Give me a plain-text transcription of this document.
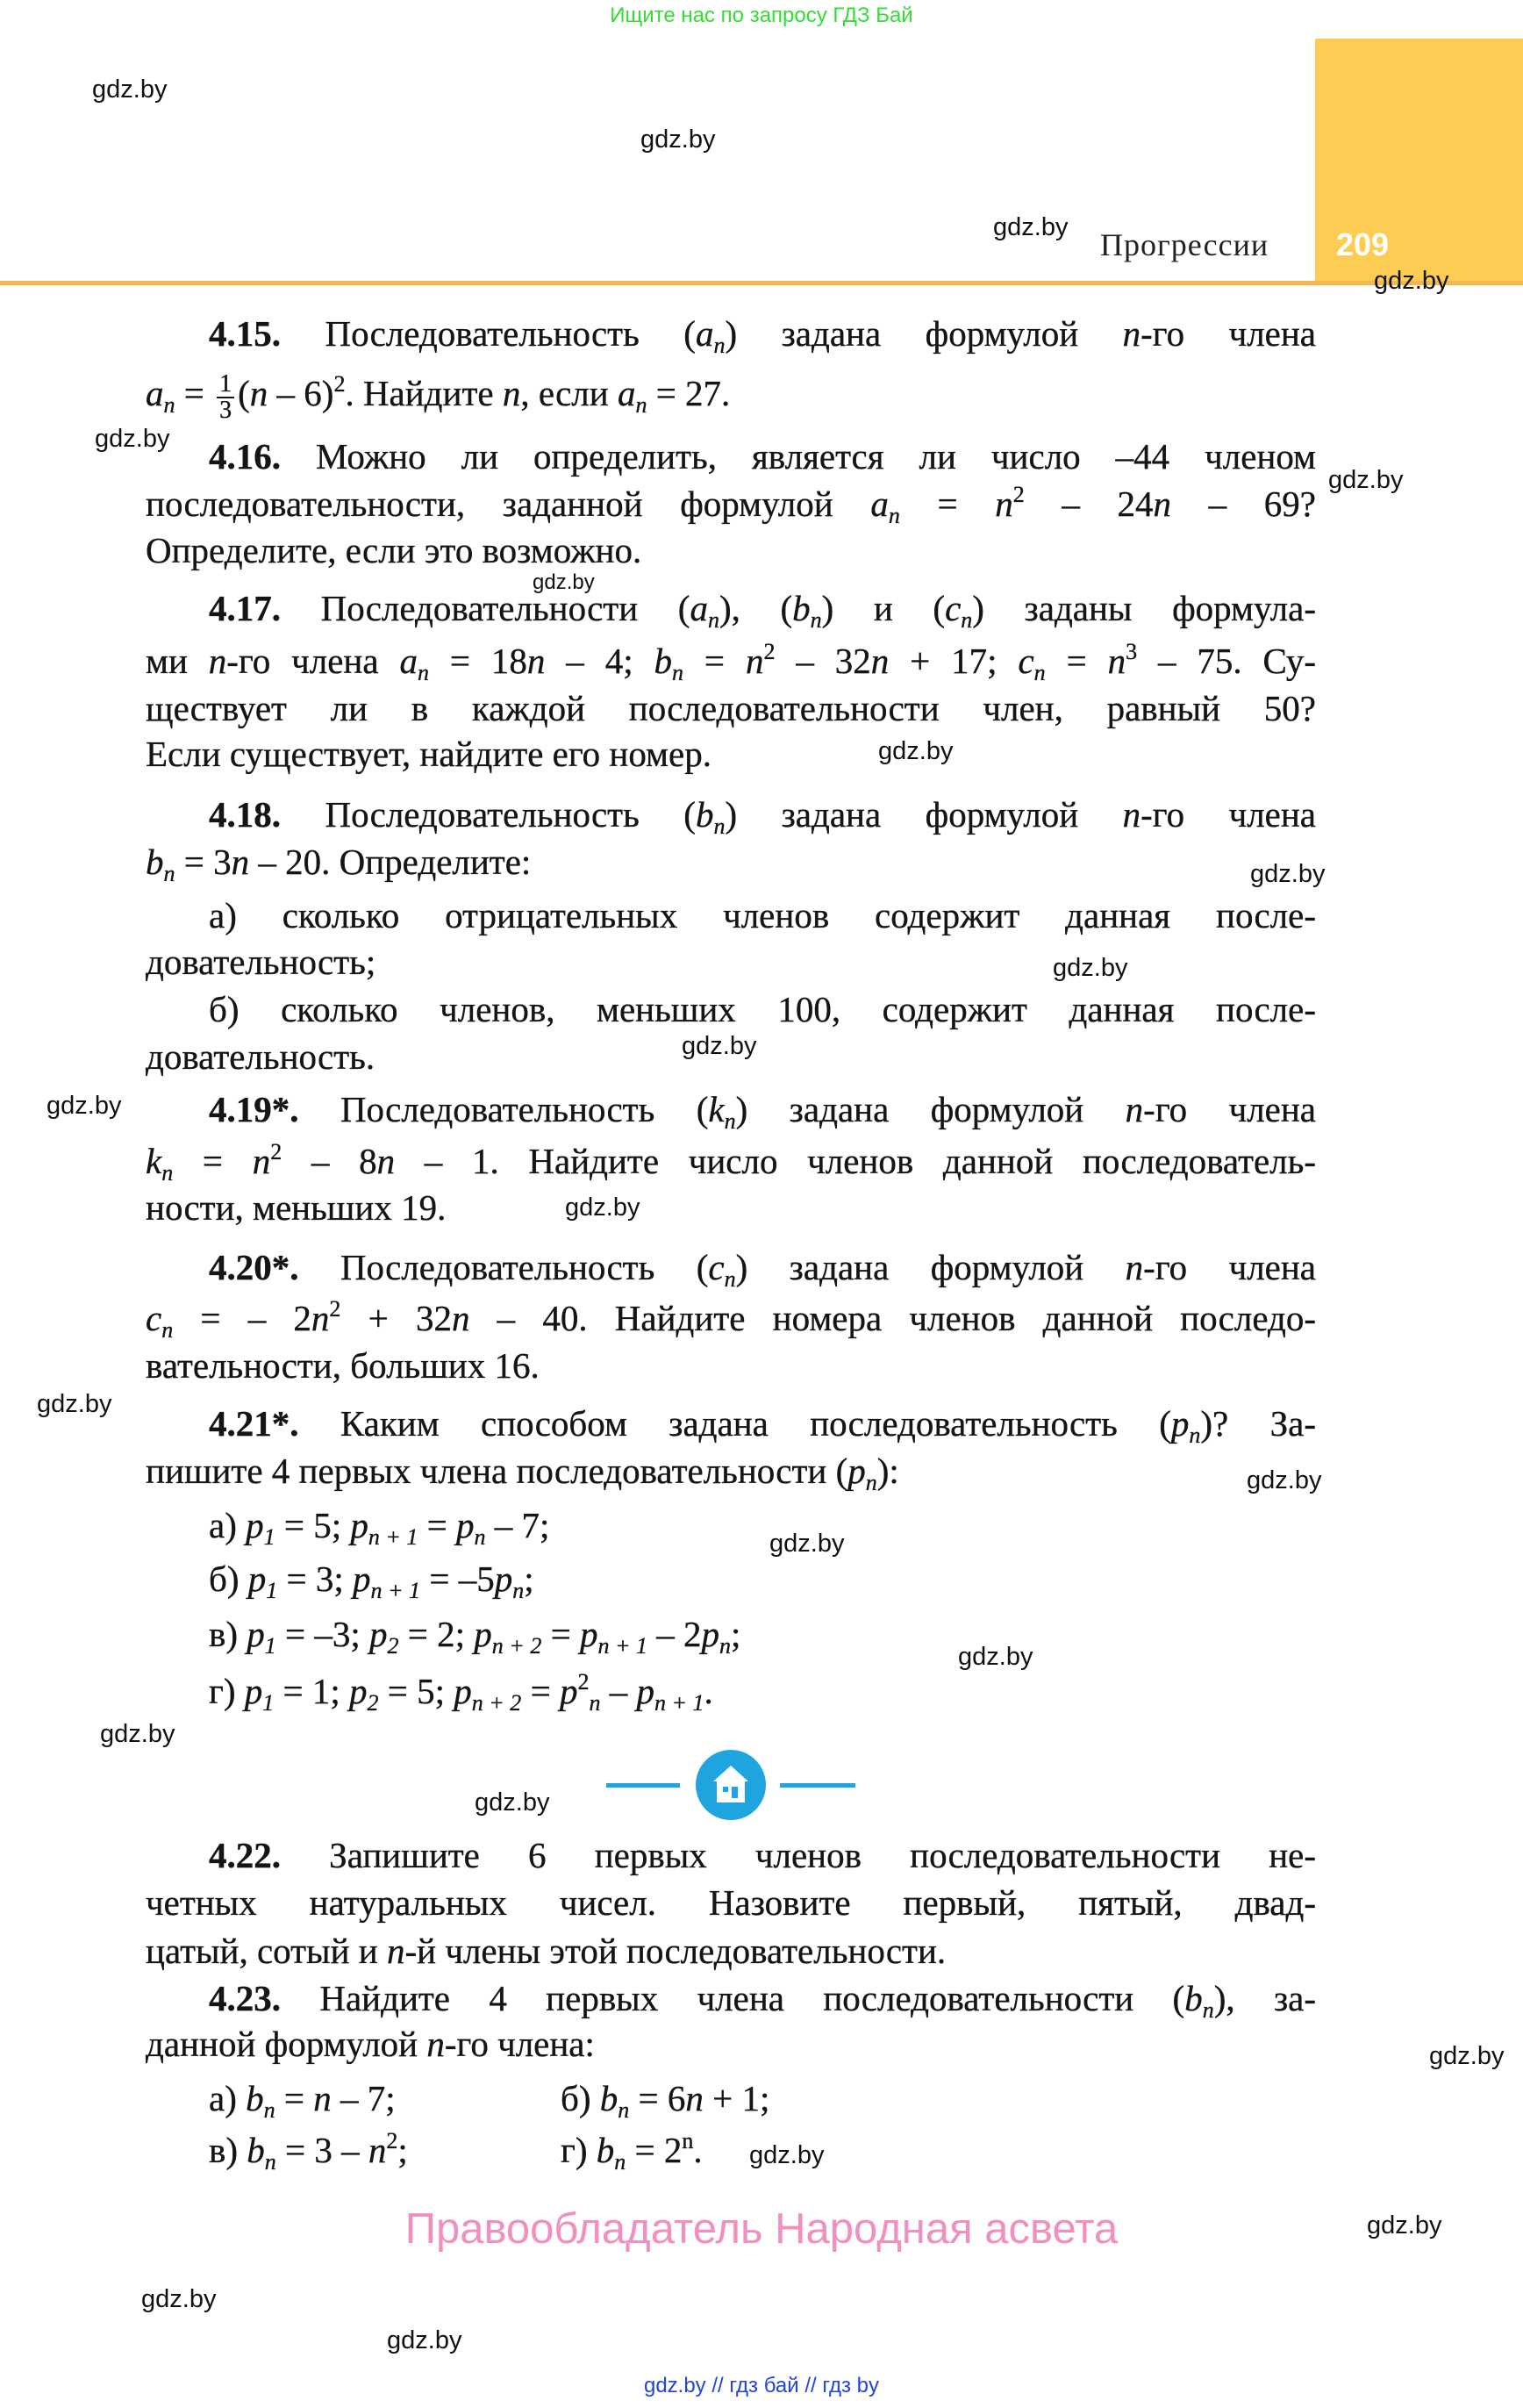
Ищите нас по запросу ГДЗ Бай
Прогрессии 209
gdz.by
gdz.by
gdz.by
gdz.by
gdz.by
gdz.by
gdz.by
gdz.by
gdz.by
gdz.by
gdz.by
gdz.by
gdz.by
gdz.by
gdz.by
gdz.by
gdz.by
gdz.by
gdz.by
gdz.by
gdz.by
gdz.by
gdz.by
gdz.by
4.15. Последовательность $(a_n)$ задана формулой n-го члена
$a_n = \frac{1}{3} (n - 6)^2$. Найдите n, если $a_n = 27$.
4.16. Можно ли определить, является ли число –44 членом
последовательности, заданной формулой $a_n = n^2 - 24n - 69$?
Определите, если это возможно.
4.17. Последовательности $(a_n)$, $(b_n)$ и $(c_n)$ заданы формула-
ми n-го члена $a_n = 18n - 4$; $b_n = n^2 - 32n + 17$; $c_n = n^3 - 75$. Су-
ществует ли в каждой последовательности член, равный 50?
Если существует, найдите его номер.
4.18. Последовательность $(b_n)$ задана формулой n-го члена
$b_n = 3n - 20$. Определите:
а) сколько отрицательных членов содержит данная после-
довательность;
б) сколько членов, меньших 100, содержит данная после-
довательность.
4.19*. Последовательность $(k_n)$ задана формулой n-го члена
$k_n = n^2 - 8n - 1$. Найдите число членов данной последователь-
ности, меньших 19.
4.20*. Последовательность $(c_n)$ задана формулой n-го члена
$c_n$ = – $2n^2 + 32n - 40$. Найдите номера членов данной последо-
вательности, больших 16.
4.21*. Каким способом задана последовательность $(p_n)$? За-
пишите 4 первых члена последовательности $(p_n)$:
а) $p_1 = 5$; $p_{n + 1} = p_n - 7$;
б) $p_1 = 3$; $p_{n + 1} = -5p_n$;
в) $p_1 = -3$; $p_2 = 2$; $p_{n + 2} = p_{n + 1} - 2p_n$;
г) $p_1 = 1$; $p_2 = 5$; $p_{n + 2} = p^2_n - p_{n + 1}$.
4.22. Запишите 6 первых членов последовательности не-
четных натуральных чисел. Назовите первый, пятый, двад-
цатый, сотый и n-й члены этой последовательности.
4.23. Найдите 4 первых члена последовательности $(b_n)$, за-
данной формулой n-го члена:
а) $b_n = n - 7$;	б) $b_n = 6n + 1$;
в) $b_n = 3 - n^2$;	г) $b_n = 2^n$.
Правообладатель Народная асвета
gdz.by // гдз бай // гдз by
